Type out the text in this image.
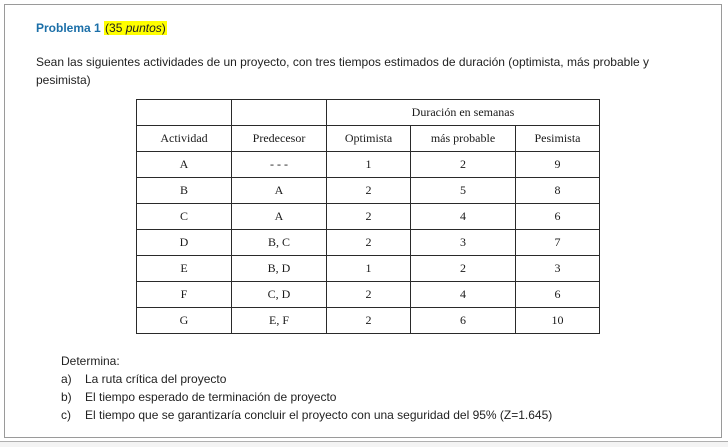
Problema 1 (35 puntos)
Sean las siguientes actividades de un proyecto, con tres tiempos estimados de duración (optimista, más probable y pesimista)
		Duración en semanas		
Actividad	Predecesor	Optimista	más probable	Pesimista
A	- - -	1	2	9
B	A	2	5	8
C	A	2	4	6
D	B, C	2	3	7
E	B, D	1	2	3
F	C, D	2	4	6
G	E, F	2	6	10
Determina:
a)	La ruta crítica del proyecto
b)	El tiempo esperado de terminación de proyecto
c)	El tiempo que se garantizaría concluir el proyecto con una seguridad del 95% (Z=1.645)
